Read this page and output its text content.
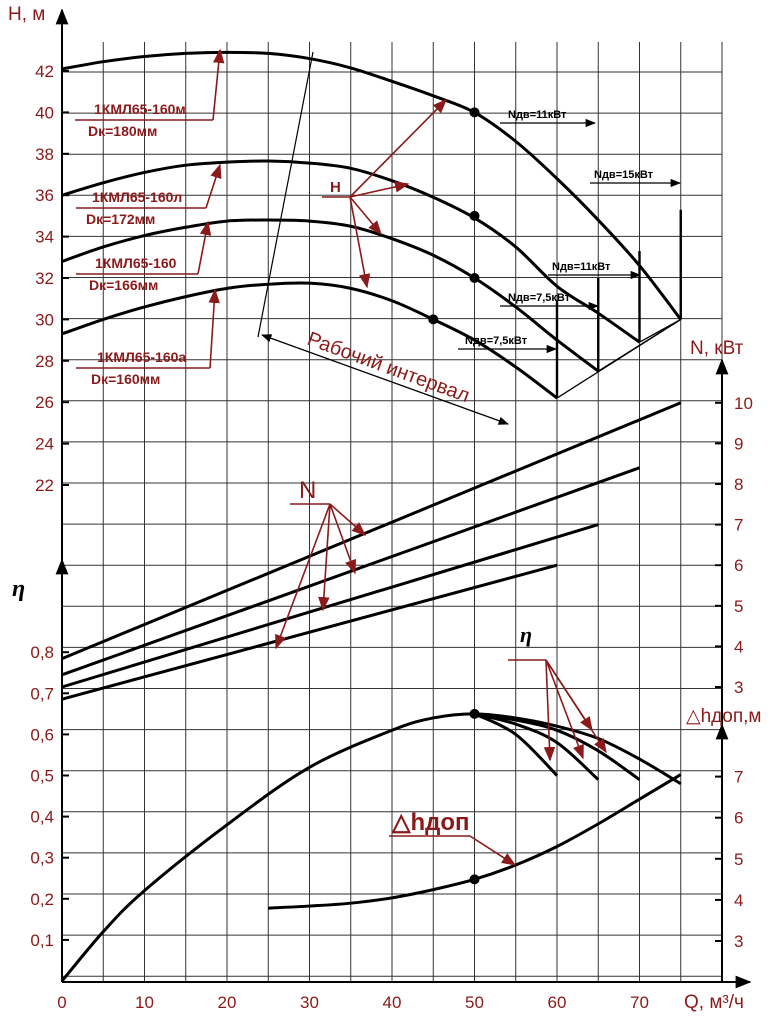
22
24
26
28
30
32
34
36
38
40
42
3
4
5
6
7
8
9
10
0,1
0,2
0,3
0,4
0,5
0,6
0,7
0,8
3
4
5
6
7
0	10	20	30	40	50	60	70
H, м
N, кВт
η
△hдоп,м
Q, м³/ч
1КМЛ65-160м
Dк=180мм
1КМЛ65-160л
Dк=172мм
1КМЛ65-160
Dк=166мм
1КМЛ65-160а
Dк=160мм
Nдв=11кВт
Nдв=15кВт
Nдв=11кВт
Nдв=7,5кВт
Nдв=7,5кВт
Рабочий интервал
H
N
η
△hдоп
